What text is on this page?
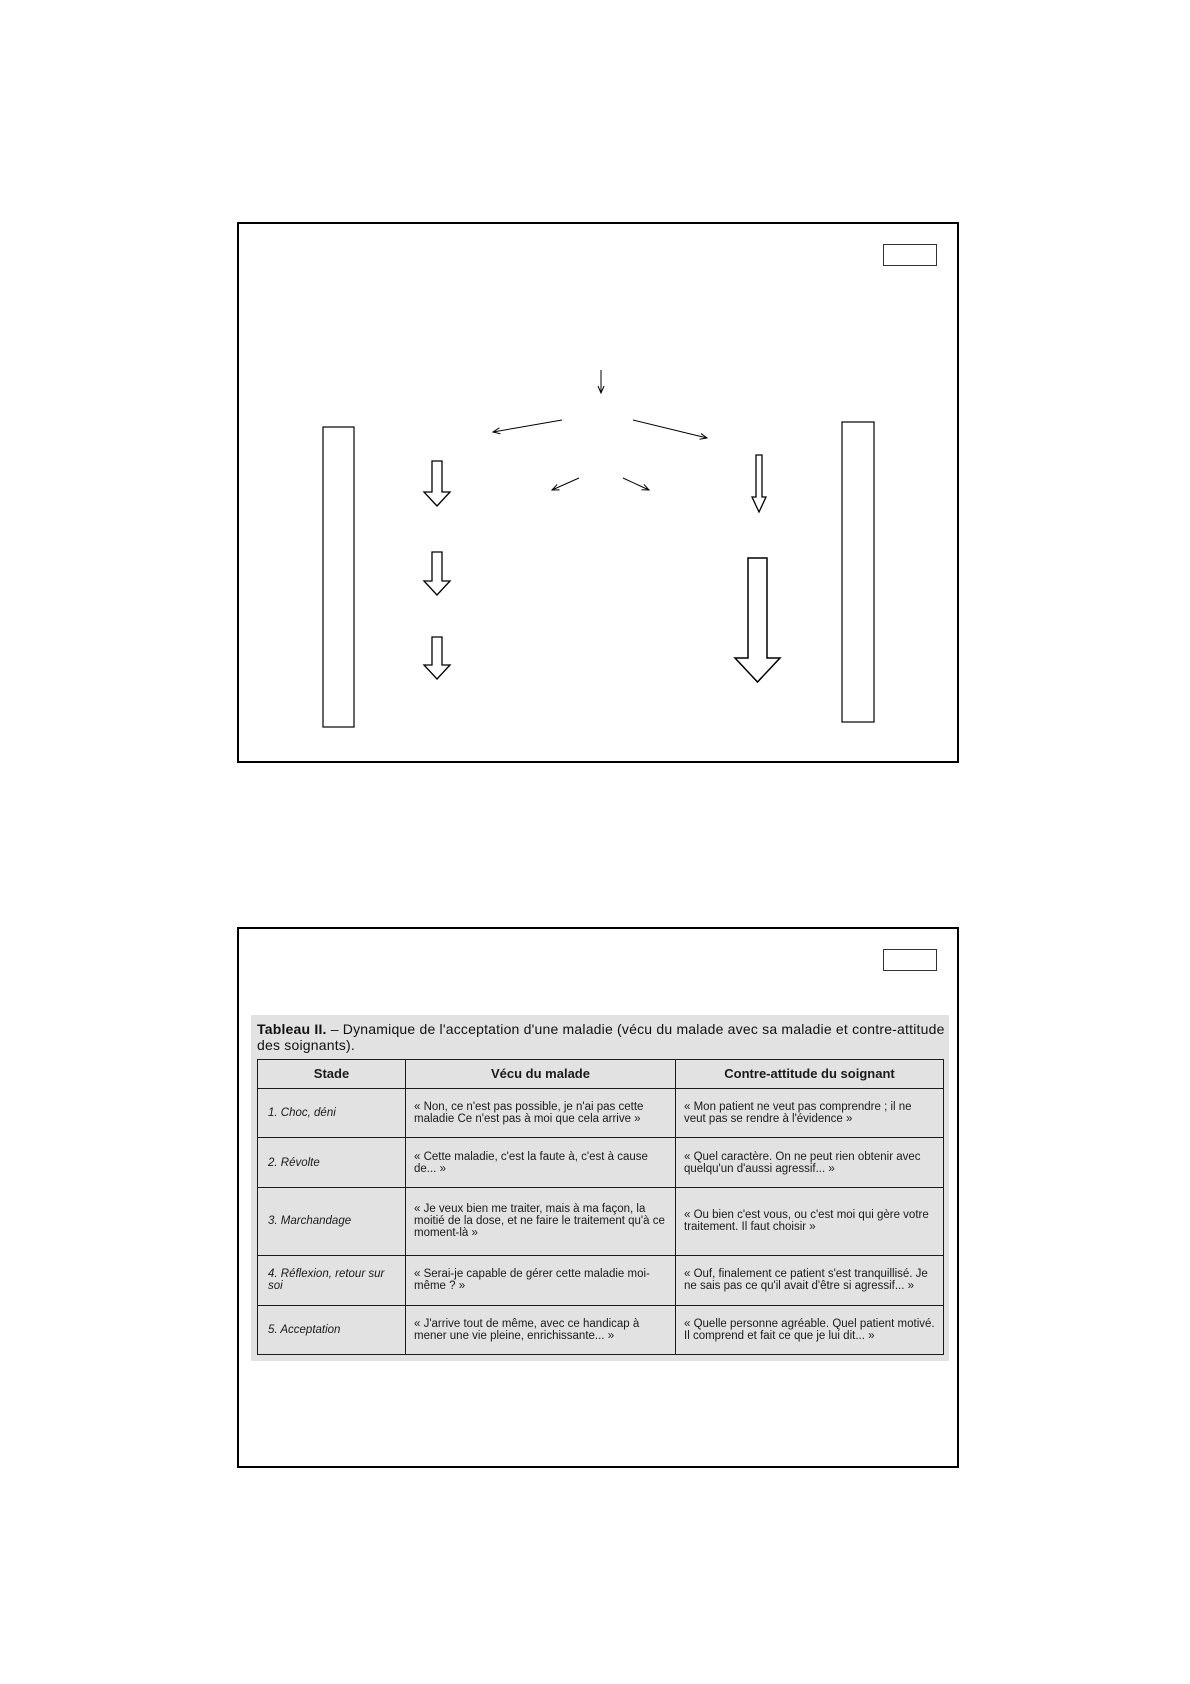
Tableau II. – Dynamique de l'acceptation d'une maladie (vécu du malade avec sa maladie et contre-attitude des soignants).
Stade	Vécu du malade	Contre-attitude du soignant
1. Choc, déni	« Non, ce n'est pas possible, je n'ai pas cette maladie Ce n'est pas à moi que cela arrive »	« Mon patient ne veut pas comprendre ; il ne veut pas se rendre à l'évidence »
2. Révolte	« Cette maladie, c'est la faute à, c'est à cause de... »	« Quel caractère. On ne peut rien obtenir avec quelqu'un d'aussi agressif... »
3. Marchandage	« Je veux bien me traiter, mais à ma façon, la moitié de la dose, et ne faire le traitement qu'à ce moment-là »	« Ou bien c'est vous, ou c'est moi qui gère votre traitement. Il faut choisir »
4. Réflexion, retour sur soi	« Serai-je capable de gérer cette maladie moi-même ? »	« Ouf, finalement ce patient s'est tranquillisé. Je ne sais pas ce qu'il avait d'être si agressif... »
5. Acceptation	« J'arrive tout de même, avec ce handicap à mener une vie pleine, enrichissante... »	« Quelle personne agréable. Quel patient motivé. Il comprend et fait ce que je lui dit... »
